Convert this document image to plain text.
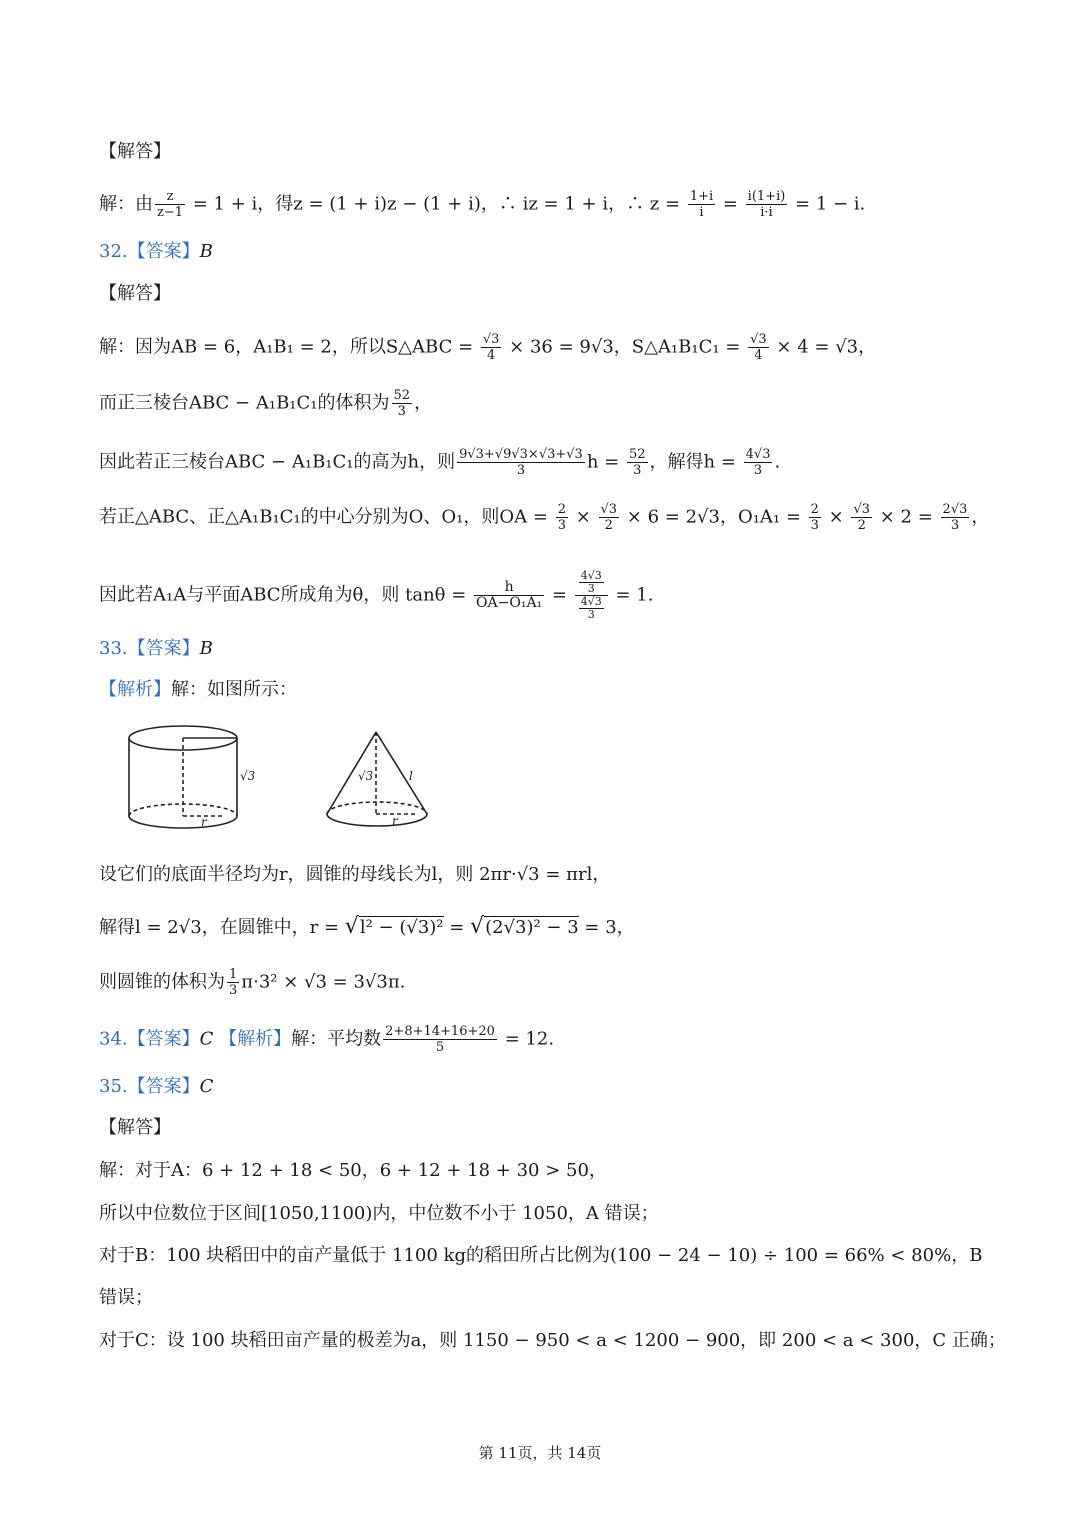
【解答】
解：由 $\frac{z}{z-1} = 1 + i$，得z = (1 + i)z − (1 + i)，∴ iz = 1 + i，∴ $z = \frac{1+i}{i} = \frac{i(1+i)}{i\cdot i} = 1 - i$.
32.【答案】B
【解答】
解：因为AB = 6，A₁B₁ = 2，所以S△ABC = $\frac{√3}{4} \times 36 = 9√3$，S△A₁B₁C₁ = $\frac{√3}{4} \times 4 = √3$，
而正三棱台ABC − A₁B₁C₁的体积为 $\frac{52}{3}$ ，
因此若正三棱台ABC − A₁B₁C₁的高为h，则 $\frac{9√3+√9√3\times√3+√3}{3}$ $h = \frac{52}{3}$ ，解得$h = \frac{4√3}{3}$ .
若正△ABC、正△A₁B₁C₁的中心分别为O、O₁，则OA = $\frac{2}{3} \times \frac{√3}{2} \times 6 = 2√3$，$O_1A_1 = \frac{2}{3} \times \frac{√3}{2} \times 2 = \frac{2√3}{3}$ ，
因此若A₁A与平面ABC所成角为θ，则 $\tan\theta = \frac{h}{\text{OA−O₁A₁}} = \frac{\frac{4√3}{3}}{\frac{4√3}{3}} = 1$.
33.【答案】B
【解析】解：如图所示：
√3
r
√3	l
r
设它们的底面半径均为r，圆锥的母线长为l，则 2πr·√3 = πrl，
解得l = 2√3，在圆锥中，r = √l² − (√3)² = √(2√3)² − 3 = 3，
则圆锥的体积为 $\frac{1}{3} \pi\cdot 3^2 \times √3 = 3√3\pi$.
34.【答案】C 【解析】解：平均数 $\frac{2+8+14+16+20}{5} = 12$.
35.【答案】C
【解答】
解：对于A：6 + 12 + 18 < 50，6 + 12 + 18 + 30 > 50，
所以中位数位于区间[1050,1100)内，中位数不小于 1050，A 错误；
对于B：100 块稻田中的亩产量低于 1100 kg的稻田所占比例为(100 − 24 − 10) ÷ 100 = 66% < 80%，B
错误；
对于C：设 100 块稻田亩产量的极差为a，则 1150 − 950 < a < 1200 − 900，即 200 < a < 300，C 正确；
第 11页，共 14页
